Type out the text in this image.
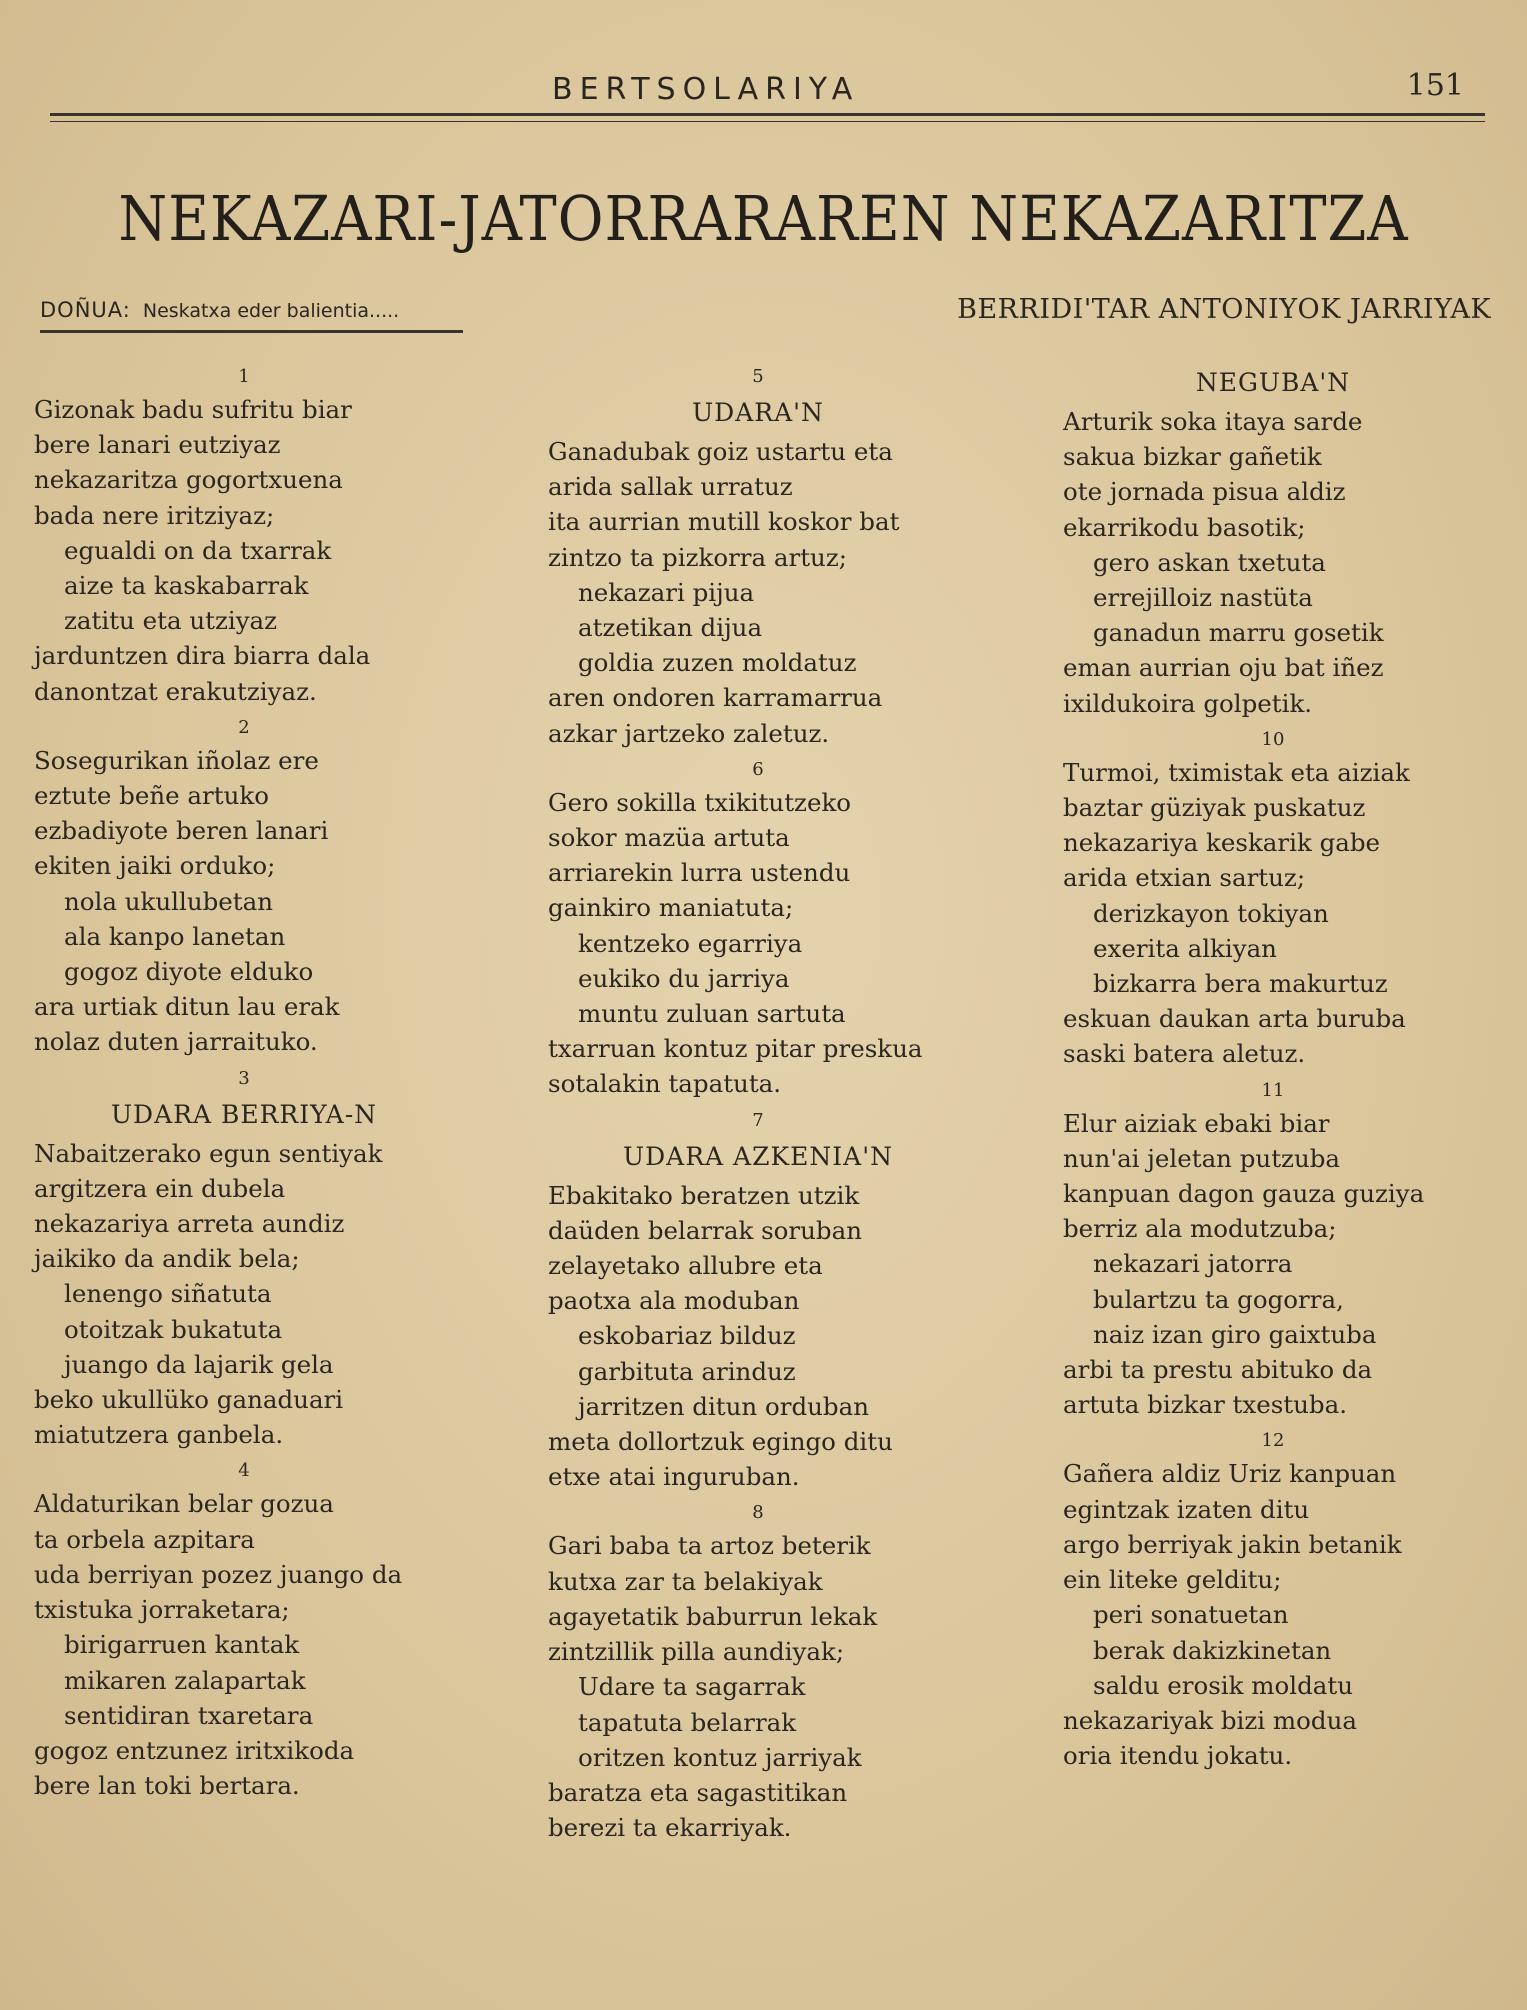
BERTSOLARIYA	151
NEKAZARI-JATORRARAREN NEKAZARITZA
DOÑUA: Neskatxa eder balientia.....	BERRIDI'TAR ANTONIYOK JARRIYAK
1
Gizonak badu sufritu biar
bere lanari eutziyaz
nekazaritza gogortxuena
bada nere iritziyaz;
egualdi on da txarrak
aize ta kaskabarrak
zatitu eta utziyaz
jarduntzen dira biarra dala
danontzat erakutziyaz.
2
Sosegurikan iñolaz ere
eztute beñe artuko
ezbadiyote beren lanari
ekiten jaiki orduko;
nola ukullubetan
ala kanpo lanetan
gogoz diyote elduko
ara urtiak ditun lau erak
nolaz duten jarraituko.
3
UDARA BERRIYA-N
Nabaitzerako egun sentiyak
argitzera ein dubela
nekazariya arreta aundiz
jaikiko da andik bela;
lenengo siñatuta
otoitzak bukatuta
juango da lajarik gela
beko ukullüko ganaduari
miatutzera ganbela.
4
Aldaturikan belar gozua
ta orbela azpitara
uda berriyan pozez juango da
txistuka jorraketara;
birigarruen kantak
mikaren zalapartak
sentidiran txaretara
gogoz entzunez iritxikoda
bere lan toki bertara.
5
UDARA'N
Ganadubak goiz ustartu eta
arida sallak urratuz
ita aurrian mutill koskor bat
zintzo ta pizkorra artuz;
nekazari pijua
atzetikan dijua
goldia zuzen moldatuz
aren ondoren karramarrua
azkar jartzeko zaletuz.
6
Gero sokilla txikitutzeko
sokor mazüa artuta
arriarekin lurra ustendu
gainkiro maniatuta;
kentzeko egarriya
eukiko du jarriya
muntu zuluan sartuta
txarruan kontuz pitar preskua
sotalakin tapatuta.
7
UDARA AZKENIA'N
Ebakitako beratzen utzik
daüden belarrak soruban
zelayetako allubre eta
paotxa ala moduban
eskobariaz bilduz
garbituta arinduz
jarritzen ditun orduban
meta dollortzuk egingo ditu
etxe atai inguruban.
8
Gari baba ta artoz beterik
kutxa zar ta belakiyak
agayetatik baburrun lekak
zintzillik pilla aundiyak;
Udare ta sagarrak
tapatuta belarrak
oritzen kontuz jarriyak
baratza eta sagastitikan
berezi ta ekarriyak.
NEGUBA'N
Arturik soka itaya sarde
sakua bizkar gañetik
ote jornada pisua aldiz
ekarrikodu basotik;
gero askan txetuta
errejilloiz nastüta
ganadun marru gosetik
eman aurrian oju bat iñez
ixildukoira golpetik.
10
Turmoi, tximistak eta aiziak
baztar güziyak puskatuz
nekazariya keskarik gabe
arida etxian sartuz;
derizkayon tokiyan
exerita alkiyan
bizkarra bera makurtuz
eskuan daukan arta buruba
saski batera aletuz.
11
Elur aiziak ebaki biar
nun'ai jeletan putzuba
kanpuan dagon gauza guziya
berriz ala modutzuba;
nekazari jatorra
bulartzu ta gogorra,
naiz izan giro gaixtuba
arbi ta prestu abituko da
artuta bizkar txestuba.
12
Gañera aldiz Uriz kanpuan
egintzak izaten ditu
argo berriyak jakin betanik
ein liteke gelditu;
peri sonatuetan
berak dakizkinetan
saldu erosik moldatu
nekazariyak bizi modua
oria itendu jokatu.
